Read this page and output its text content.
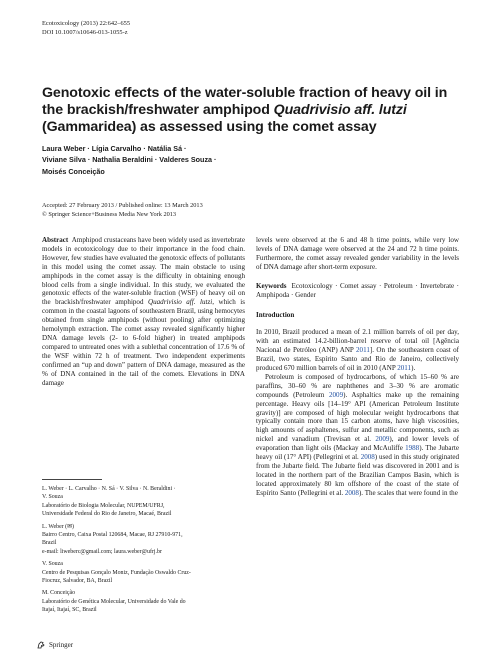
Ecotoxicology (2013) 22:642–655
DOI 10.1007/s10646-013-1055-z
Genotoxic effects of the water-soluble fraction of heavy oil in the brackish/freshwater amphipod Quadrivisio aff. lutzi (Gammaridea) as assessed using the comet assay
Laura Weber · Lígia Carvalho · Natália Sá ·
Viviane Silva · Nathalia Beraldini · Valderes Souza ·
Moisés Conceição
Accepted: 27 February 2013 / Published online: 13 March 2013
© Springer Science+Business Media New York 2013

Abstract Amphipod crustaceans have been widely used as invertebrate models in ecotoxicology due to their importance in the food chain. However, few studies have evaluated the genotoxic effects of pollutants in this model using the comet assay. The main obstacle to using amphipods in the comet assay is the difficulty in obtaining enough blood cells from a single individual. In this study, we evaluated the genotoxic effects of the water-soluble fraction (WSF) of heavy oil on the brackish/freshwater amphipod Quadrivisio aff. lutzi, which is common in the coastal lagoons of southeastern Brazil, using hemocytes obtained from single amphipods (without pooling) after optimizing hemolymph extraction. The comet assay revealed significantly higher DNA damage levels (2- to 6-fold higher) in treated amphipods compared to untreated ones with a sublethal concentration of 17.6 % of the WSF within 72 h of treatment. Two independent experiments confirmed an “up and down” pattern of DNA damage, measured as the % of DNA contained in the tail of the comets. Elevations in DNA damage

L. Weber · L. Carvalho · N. Sá · V. Silva · N. Beraldini ·
V. Souza
Laboratório de Biologia Molecular, NUPEM/UFRJ,
Universidade Federal do Rio de Janeiro, Macaé, Brazil

L. Weber (✉)
Bairro Centro, Caixa Postal 120684, Macae, RJ 27910-971,
Brazil
e-mail: liweberc@gmail.com; laura.weber@ufrj.br

V. Souza
Centro de Pesquisas Gonçalo Moniz, Fundação Oswaldo Cruz-
Fiocruz, Salvador, BA, Brazil

M. Conceição
Laboratório de Genética Molecular, Universidade do Vale do
Itajaí, Itajaí, SC, Brazil

levels were observed at the 6 and 48 h time points, while very low levels of DNA damage were observed at the 24 and 72 h time points. Furthermore, the comet assay revealed gender variability in the levels of DNA damage after short-term exposure.

Keywords Ecotoxicology · Comet assay · Petroleum · Invertebrate · Amphipoda · Gender

Introduction

In 2010, Brazil produced a mean of 2.1 million barrels of oil per day, with an estimated 14.2-billion-barrel reserve of total oil [Agência Nacional de Petróleo (ANP) ANP 2011]. On the southeastern coast of Brazil, two states, Espírito Santo and Rio de Janeiro, collectively produced 670 million barrels of oil in 2010 (ANP 2011).

Petroleum is composed of hydrocarbons, of which 15–60 % are paraffins, 30–60 % are naphthenes and 3–30 % are aromatic compounds (Petroleum 2009). Asphaltics make up the remaining percentage. Heavy oils [14–19° API (American Petroleum Institute gravity)] are composed of high molecular weight hydrocarbons that typically contain more than 15 carbon atoms, have high viscosities, high amounts of asphaltenes, sulfur and metallic components, such as nickel and vanadium (Trevisan et al. 2009), and lower levels of evaporation than light oils (Mackay and McAuliffe 1988). The Jubarte heavy oil (17° API) (Pellegrini et al. 2008) used in this study originated from the Jubarte field. The Jubarte field was discovered in 2001 and is located in the northern part of the Brazilian Campos Basin, which is located approximately 80 km offshore of the coast of the state of Espírito Santo (Pellegrini et al. 2008). The scales that were found in the

Springer
